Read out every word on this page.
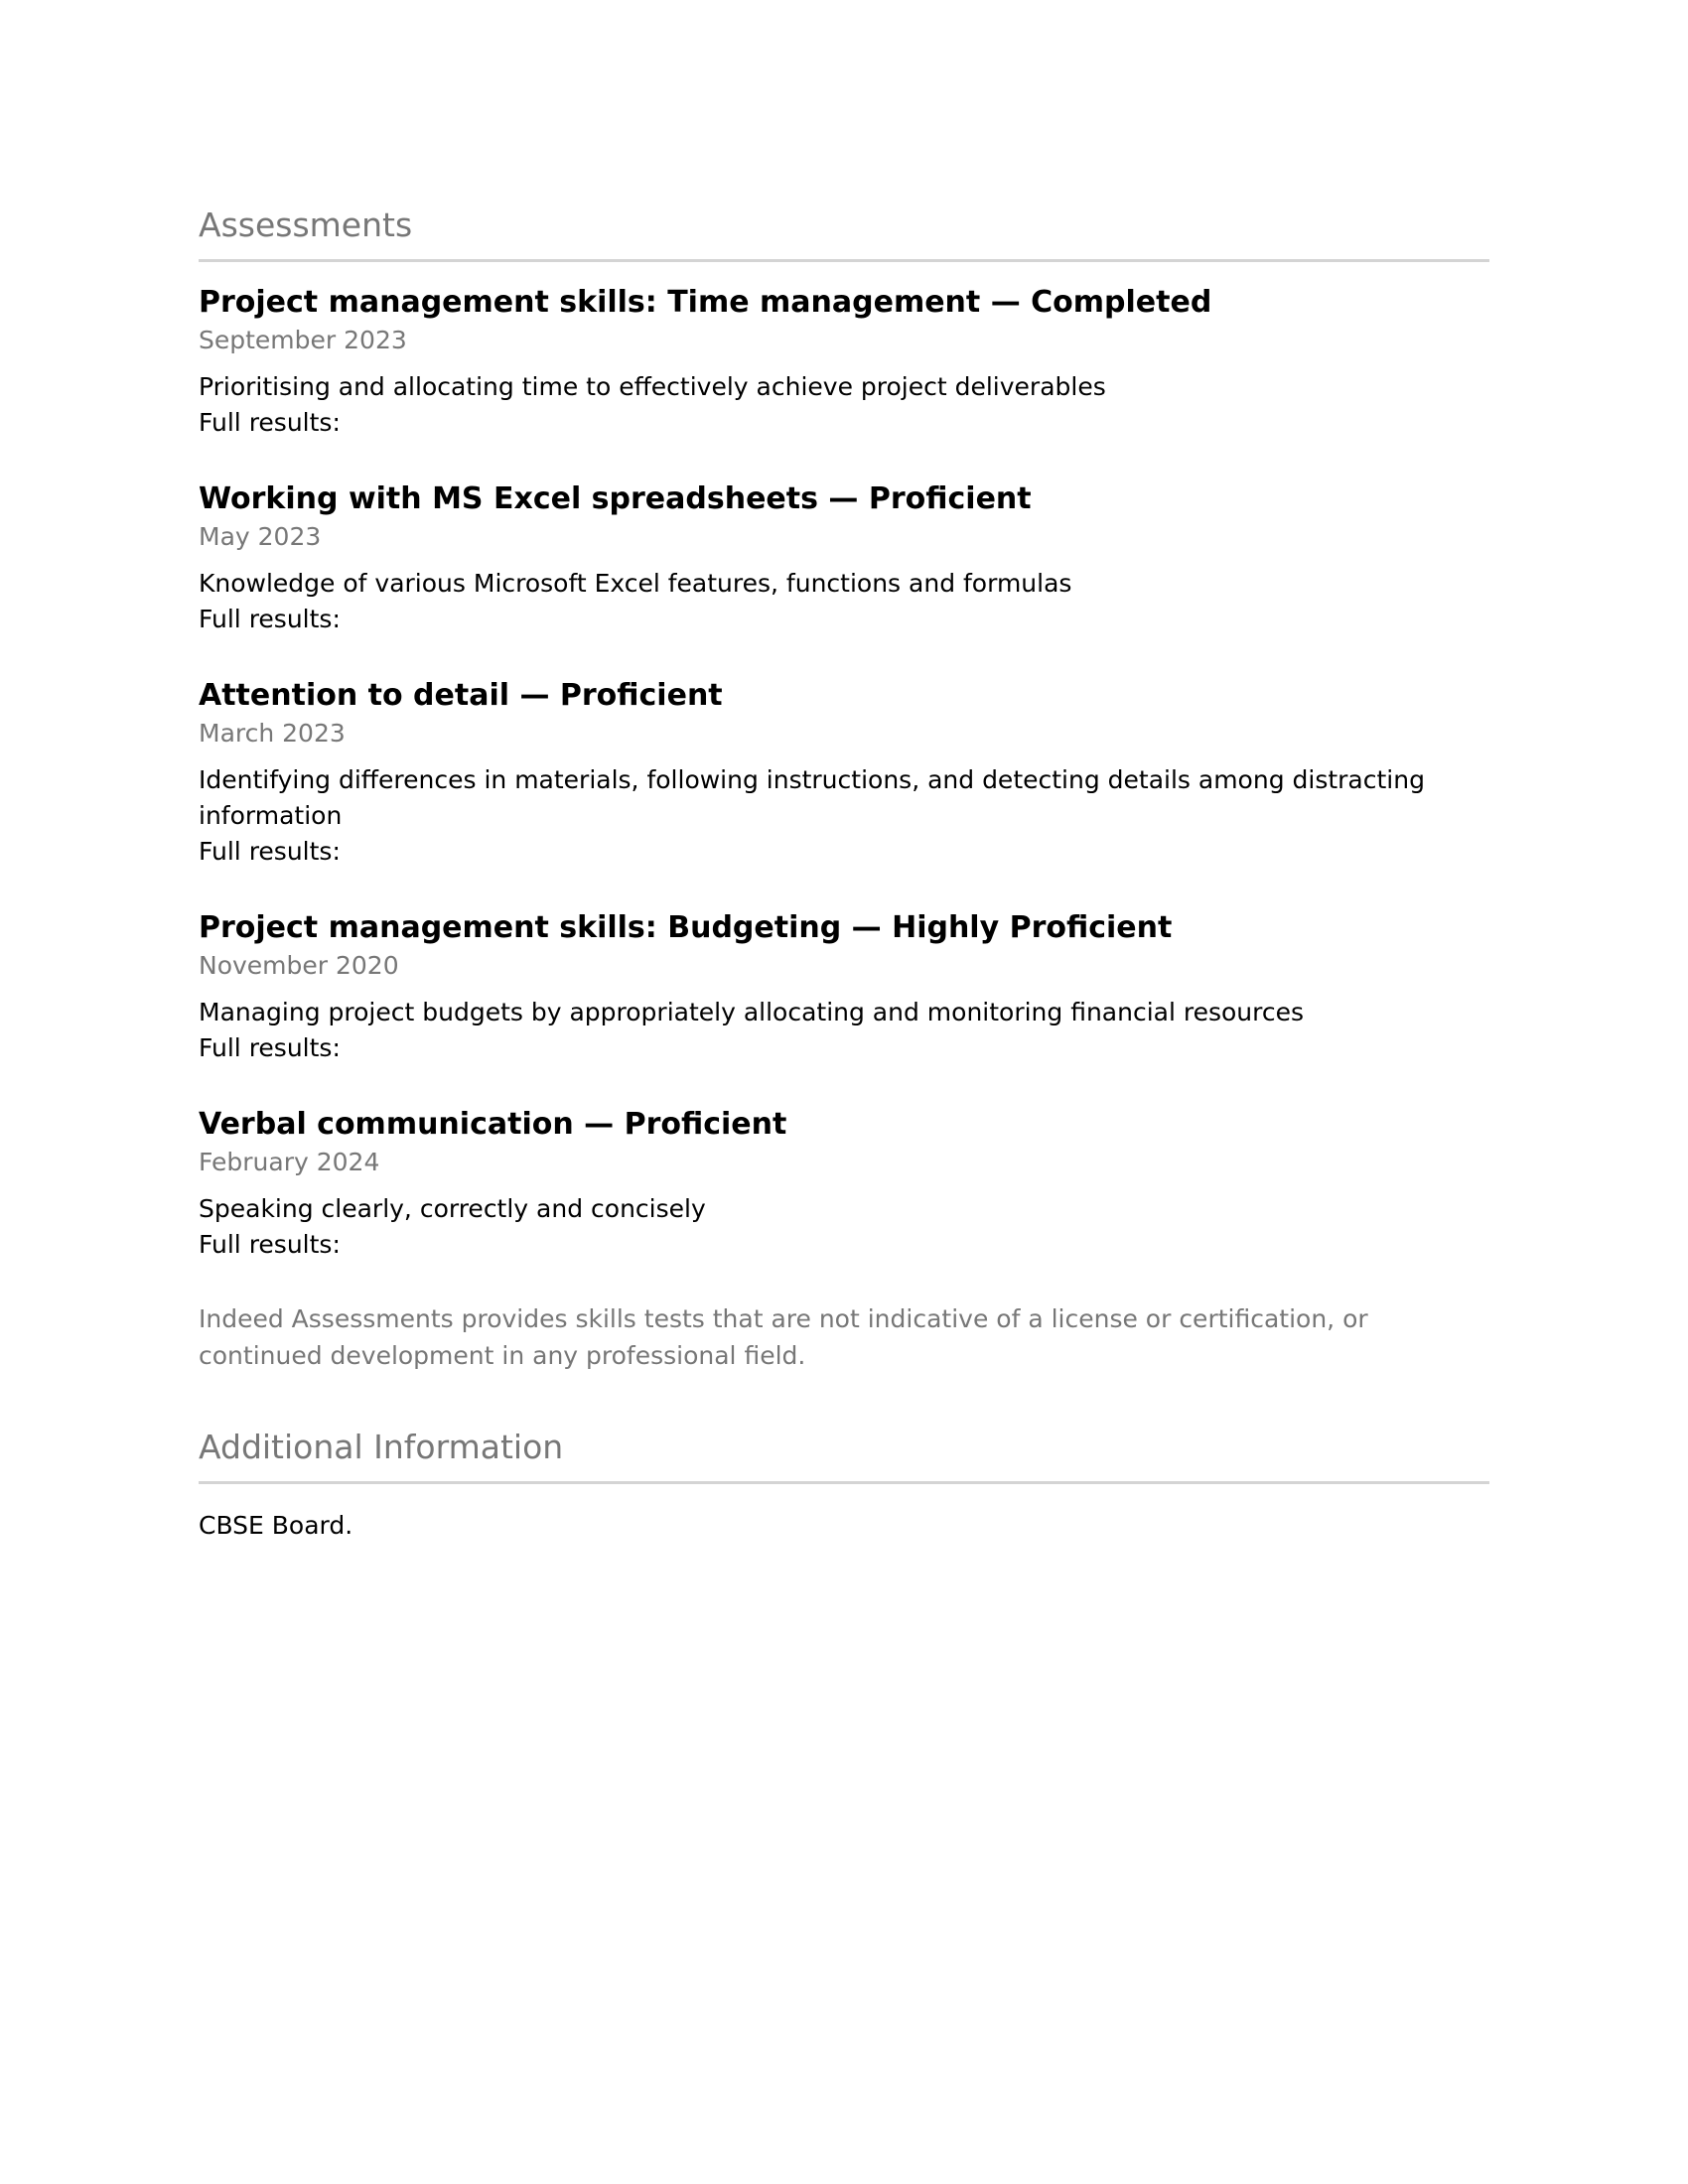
Assessments
Project management skills: Time management — Completed
September 2023
Prioritising and allocating time to effectively achieve project deliverables
Full results:
Working with MS Excel spreadsheets — Proficient
May 2023
Knowledge of various Microsoft Excel features, functions and formulas
Full results:
Attention to detail — Proficient
March 2023
Identifying differences in materials, following instructions, and detecting details among distracting information
Full results:
Project management skills: Budgeting — Highly Proficient
November 2020
Managing project budgets by appropriately allocating and monitoring financial resources
Full results:
Verbal communication — Proficient
February 2024
Speaking clearly, correctly and concisely
Full results:

Indeed Assessments provides skills tests that are not indicative of a license or certification, or continued development in any professional field.

Additional Information

CBSE Board.
